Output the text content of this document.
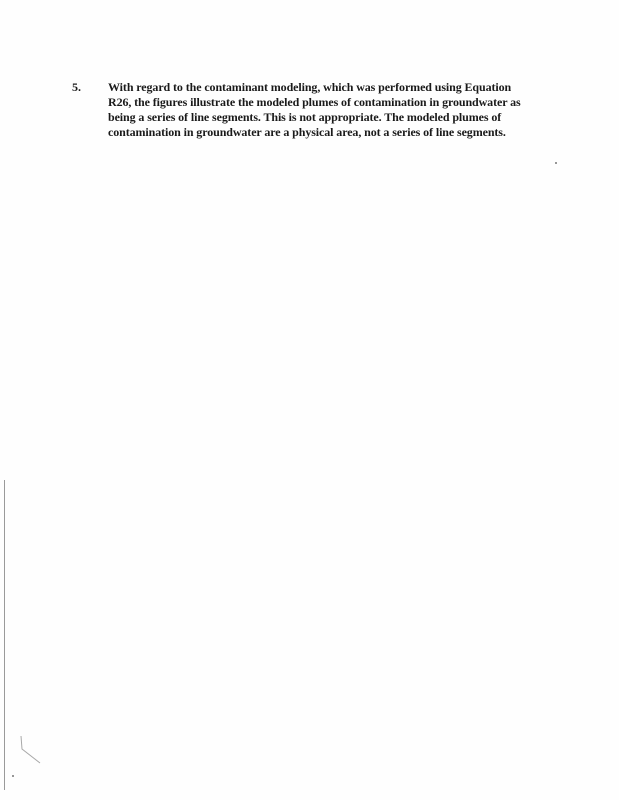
5. With regard to the contaminant modeling, which was performed using Equation R26, the figures illustrate the modeled plumes of contamination in groundwater as being a series of line segments. This is not appropriate. The modeled plumes of contamination in groundwater are a physical area, not a series of line segments.
